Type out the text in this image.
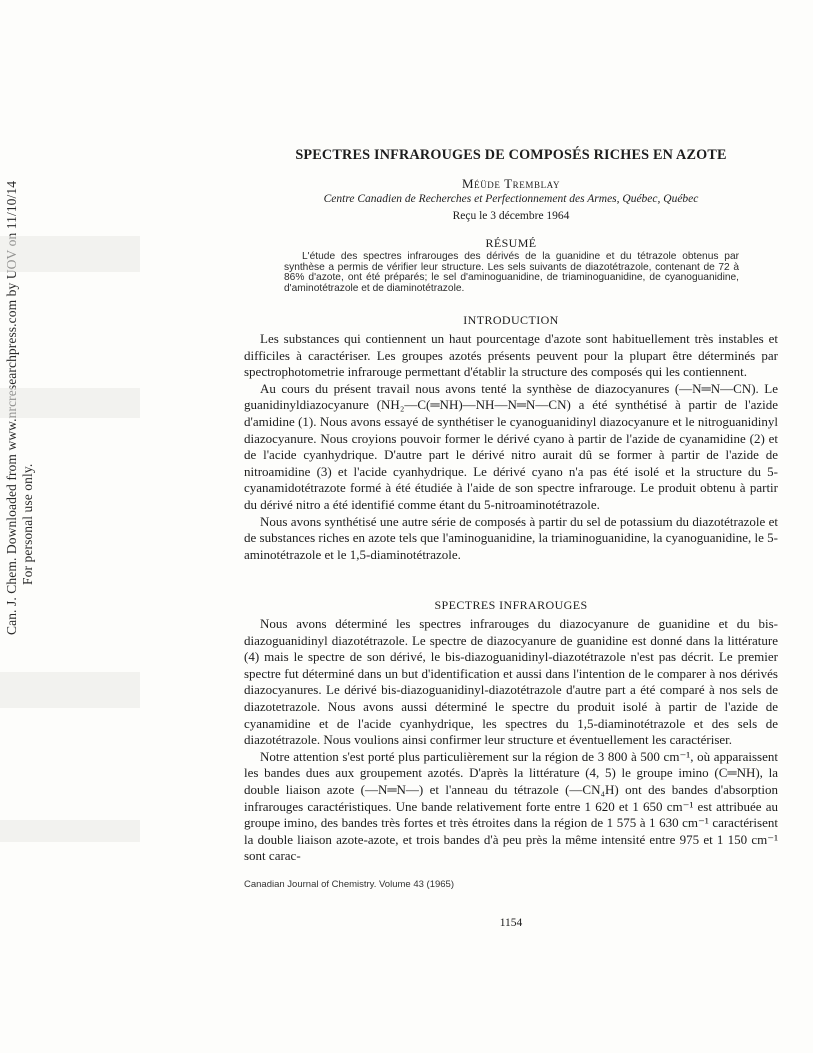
For personal use only.
SPECTRES INFRAROUGES DE COMPOSÉS RICHES EN AZOTE
Méüde Tremblay
Centre Canadien de Recherches et Perfectionnement des Armes, Québec, Québec
Reçu le 3 décembre 1964
RÉSUMÉ
L'étude des spectres infrarouges des dérivés de la guanidine et du tétrazole obtenus par synthèse a permis de vérifier leur structure. Les sels suivants de diazotétrazole, contenant de 72 à 86% d'azote, ont été préparés; le sel d'aminoguanidine, de triaminoguanidine, de cyanoguanidine, d'aminotétrazole et de diaminotétrazole.
INTRODUCTION

Les substances qui contiennent un haut pourcentage d'azote sont habituellement très instables et difficiles à caractériser. Les groupes azotés présents peuvent pour la plupart être déterminés par spectrophotometrie infrarouge permettant d'établir la structure des composés qui les contiennent.

Au cours du présent travail nous avons tenté la synthèse de diazocyanures (—N═N—CN). Le guanidinyldiazocyanure (NH₂—C(═NH)—NH—N═N—CN) a été synthétisé à partir de l'azide d'amidine (1). Nous avons essayé de synthétiser le cyanoguanidinyl diazocyanure et le nitroguanidinyl diazocyanure. Nous croyions pouvoir former le dérivé cyano à partir de l'azide de cyanamidine (2) et de l'acide cyanhydrique. D'autre part le dérivé nitro aurait dû se former à partir de l'azide de nitroamidine (3) et l'acide cyanhydrique. Le dérivé cyano n'a pas été isolé et la structure du 5-cyanamidotétrazote formé à été étudiée à l'aide de son spectre infrarouge. Le produit obtenu à partir du dérivé nitro a été identifié comme étant du 5-nitroaminotétrazole.

Nous avons synthétisé une autre série de composés à partir du sel de potassium du diazotétrazole et de substances riches en azote tels que l'aminoguanidine, la triaminoguanidine, la cyanoguanidine, le 5-aminotétrazole et le 1,5-diaminotétrazole.

SPECTRES INFRAROUGES

Nous avons déterminé les spectres infrarouges du diazocyanure de guanidine et du bis-diazoguanidinyl diazotétrazole. Le spectre de diazocyanure de guanidine est donné dans la littérature (4) mais le spectre de son dérivé, le bis-diazoguanidinyl-diazotétrazole n'est pas décrit. Le premier spectre fut déterminé dans un but d'identification et aussi dans l'intention de le comparer à nos dérivés diazocyanures. Le dérivé bis-diazoguanidinyl-diazotétrazole d'autre part a été comparé à nos sels de diazotetrazole. Nous avons aussi déterminé le spectre du produit isolé à partir de l'azide de cyanamidine et de l'acide cyanhydrique, les spectres du 1,5-diaminotétrazole et des sels de diazotétrazole. Nous voulions ainsi confirmer leur structure et éventuellement les caractériser.

Notre attention s'est porté plus particulièrement sur la région de 3 800 à 500 cm⁻¹, où apparaissent les bandes dues aux groupement azotés. D'après la littérature (4, 5) le groupe imino (C═NH), la double liaison azote (—N═N—) et l'anneau du tétrazole (—CN₄H) ont des bandes d'absorption infrarouges caractéristiques. Une bande relativement forte entre 1 620 et 1 650 cm⁻¹ est attribuée au groupe imino, des bandes très fortes et très étroites dans la région de 1 575 à 1 630 cm⁻¹ caractérisent la double liaison azote-azote, et trois bandes d'à peu près la même intensité entre 975 et 1 150 cm⁻¹ sont carac-

Canadian Journal of Chemistry. Volume 43 (1965)
1154
